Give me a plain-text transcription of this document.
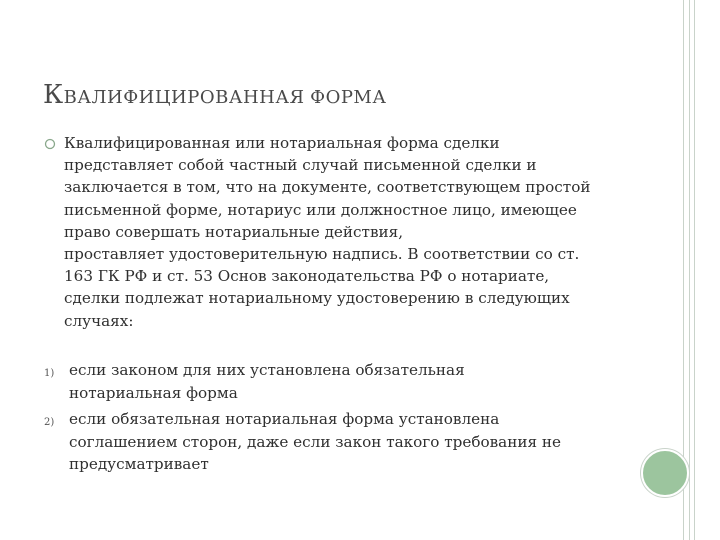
КВАЛИФИЦИРОВАННАЯ ФОРМА
Квалифицированная или нотариальная форма сделки
представляет собой частный случай письменной сделки и
заключается в том, что на документе, соответствующем простой
письменной форме, нотариус или должностное лицо, имеющее
право совершать нотариальные действия,
проставляет удостоверительную надпись. В соответствии со ст.
163 ГК РФ и ст. 53 Основ законодательства РФ о нотариате,
сделки подлежат нотариальному удостоверению в следующих
случаях:
1) если законом для них установлена обязательная
нотариальная форма
2) если обязательная нотариальная форма установлена
соглашением сторон, даже если закон такого требования не
предусматривает
